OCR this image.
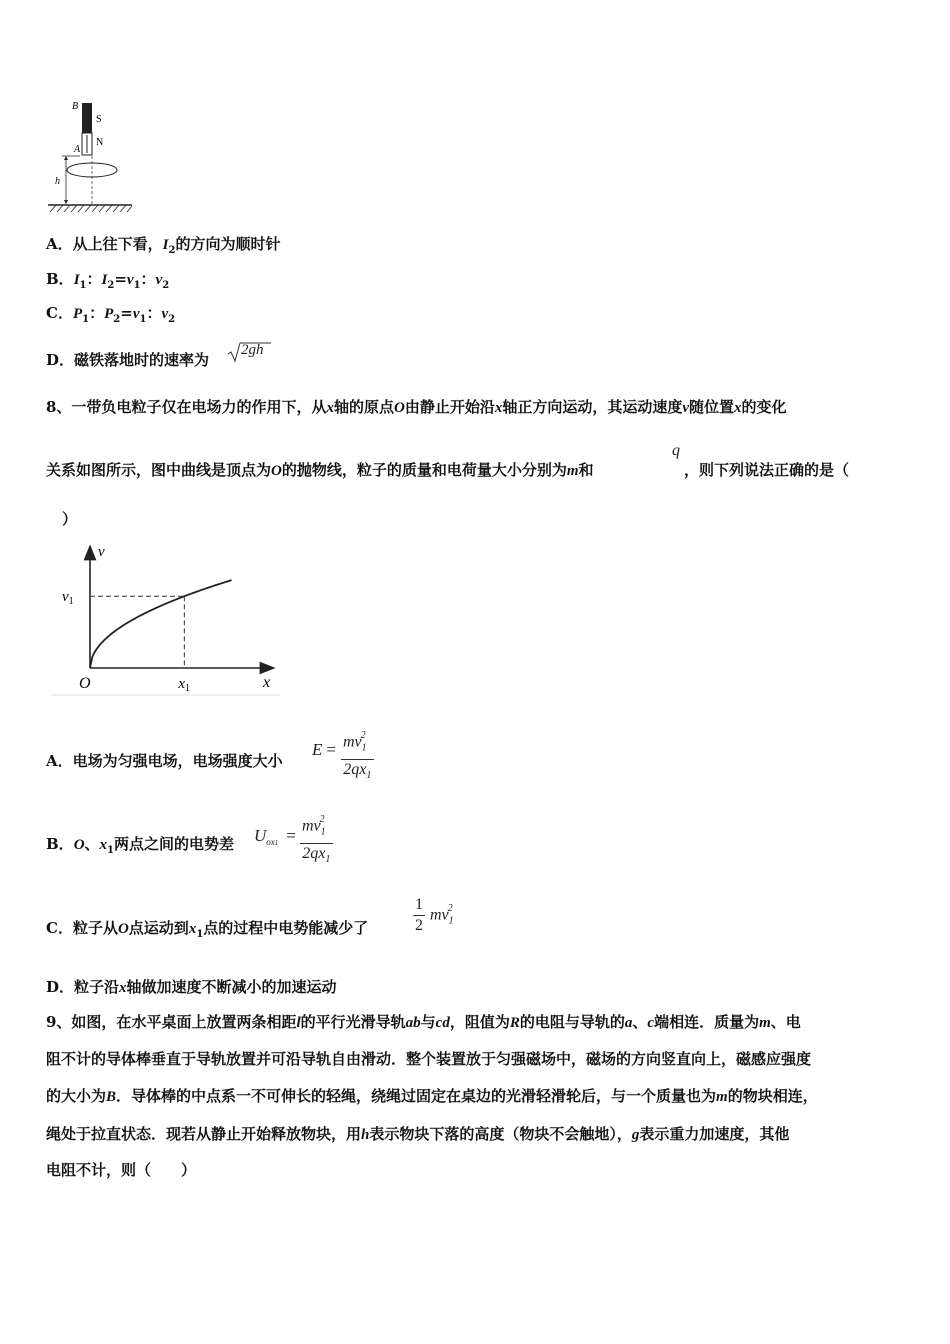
B
S
N
A
h
A．从上往下看，$I_2$的方向为顺时针
B．$I_1$：$I_2=v_1$：$v_2$
C．$P_1$：$P_2=v_1$：$v_2$
D．磁铁落地时的速率为
2gh
8、一带负电粒子仅在电场力的作用下，从x轴的原点O由静止开始沿x轴正方向运动，其运动速度v随位置x的变化
关系如图所示，图中曲线是顶点为O的抛物线，粒子的质量和电荷量大小分别为m和
q
，则下列说法正确的是（
）
v
x
O
$v_1$
$x_1$
A．电场为匀强电场，电场强度大小
$E = \frac{mv_1^2}{2qx_1}$
B．O、$x_1$两点之间的电势差 $U_{ox1} = \frac{mv_1^2}{2qx_1}$
C．粒子从O点运动到$x_1$点的过程中电势能减少了	$\frac{1}{2} mv_1^2$
D．粒子沿x轴做加速度不断减小的加速运动
9、如图，在水平桌面上放置两条相距l的平行光滑导轨ab与cd，阻值为R的电阻与导轨的a、c端相连．质量为m、电
阻不计的导体棒垂直于导轨放置并可沿导轨自由滑动．整个装置放于匀强磁场中，磁场的方向竖直向上，磁感应强度
的大小为B．导体棒的中点系一不可伸长的轻绳，绕绳过固定在桌边的光滑轻滑轮后，与一个质量也为m的物块相连，
绳处于拉直状态．现若从静止开始释放物块，用h表示物块下落的高度（物块不会触地），g表示重力加速度，其他
电阻不计，则（　　）
